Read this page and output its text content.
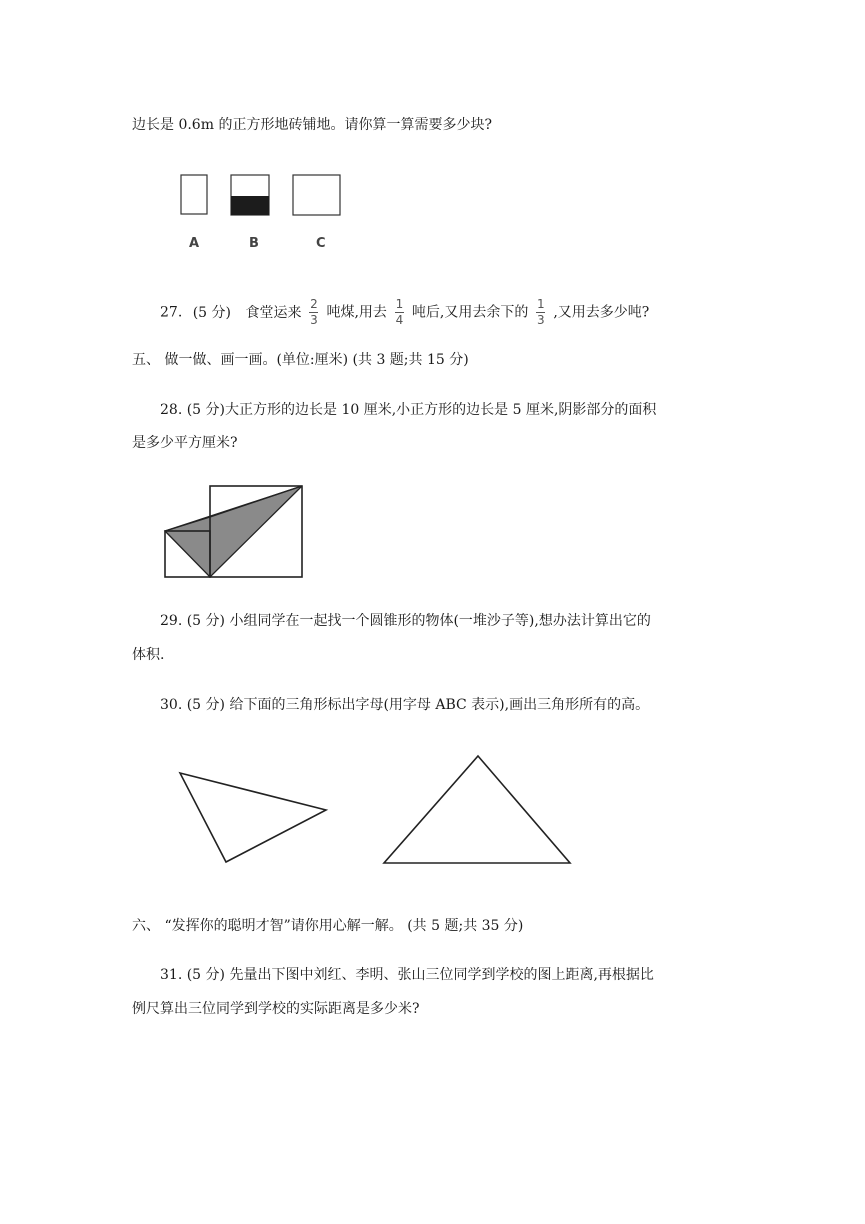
边长是 0.6m 的正方形地砖铺地。请你算一算需要多少块?
A	B	C
27. (5 分) 食堂运来 $\frac{2}{3}$ 吨煤,用去 $\frac{1}{4}$ 吨后,又用去余下的 $\frac{1}{3}$ ,又用去多少吨?
五、 做一做、画一画。(单位:厘米) (共 3 题;共 15 分)
28. (5 分)大正方形的边长是 10 厘米,小正方形的边长是 5 厘米,阴影部分的面积
是多少平方厘米?
29. (5 分) 小组同学在一起找一个圆锥形的物体(一堆沙子等),想办法计算出它的
体积.
30. (5 分) 给下面的三角形标出字母(用字母 ABC 表示),画出三角形所有的高。
六、 “发挥你的聪明才智”请你用心解一解。 (共 5 题;共 35 分)
31. (5 分) 先量出下图中刘红、李明、张山三位同学到学校的图上距离,再根据比
例尺算出三位同学到学校的实际距离是多少米?
